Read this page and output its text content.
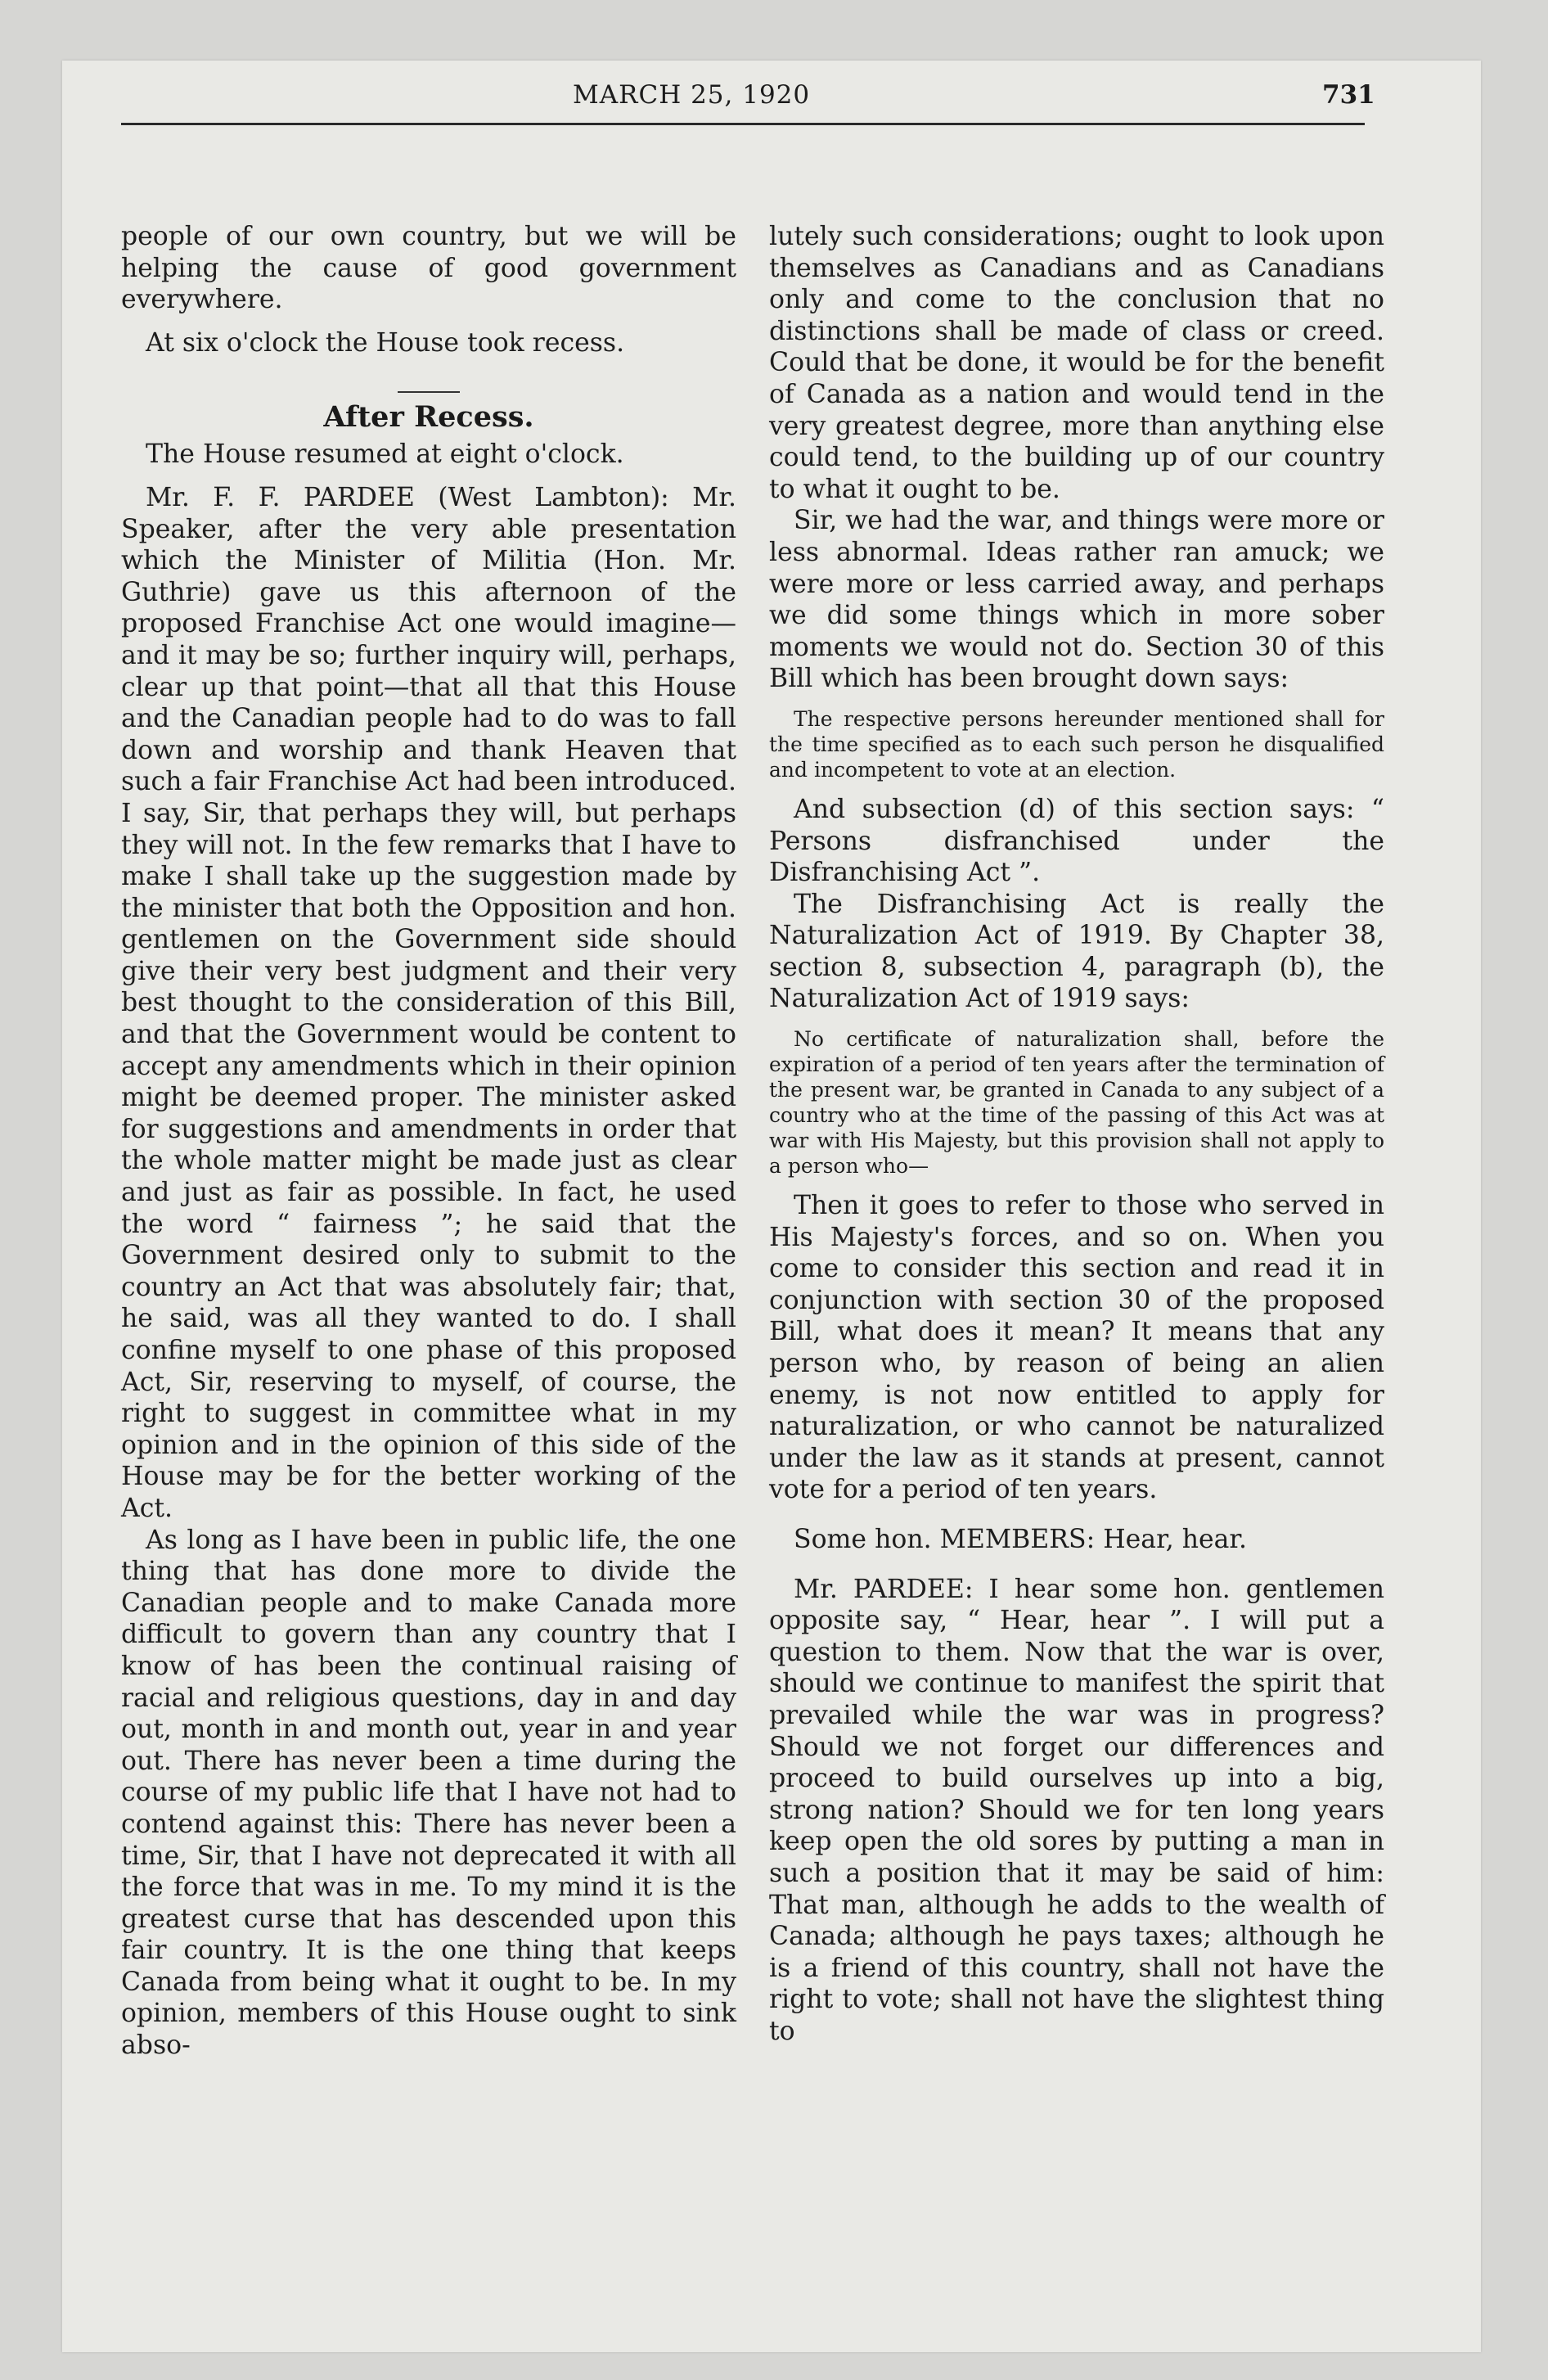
MARCH 25, 1920	731

people of our own country, but we will be helping the cause of good government everywhere.

At six o'clock the House took recess.

After Recess.

The House resumed at eight o'clock.

Mr. F. F. PARDEE (West Lambton): Mr. Speaker, after the very able presentation which the Minister of Militia (Hon. Mr. Guthrie) gave us this afternoon of the proposed Franchise Act one would imagine—and it may be so; further inquiry will, perhaps, clear up that point—that all that this House and the Canadian people had to do was to fall down and worship and thank Heaven that such a fair Franchise Act had been introduced. I say, Sir, that perhaps they will, but perhaps they will not. In the few remarks that I have to make I shall take up the suggestion made by the minister that both the Opposition and hon. gentlemen on the Government side should give their very best judgment and their very best thought to the consideration of this Bill, and that the Government would be content to accept any amendments which in their opinion might be deemed proper. The minister asked for suggestions and amendments in order that the whole matter might be made just as clear and just as fair as possible. In fact, he used the word “ fairness ”; he said that the Government desired only to submit to the country an Act that was absolutely fair; that, he said, was all they wanted to do. I shall confine myself to one phase of this proposed Act, Sir, reserving to myself, of course, the right to suggest in committee what in my opinion and in the opinion of this side of the House may be for the better working of the Act.

As long as I have been in public life, the one thing that has done more to divide the Canadian people and to make Canada more difficult to govern than any country that I know of has been the continual raising of racial and religious questions, day in and day out, month in and month out, year in and year out. There has never been a time during the course of my public life that I have not had to contend against this: There has never been a time, Sir, that I have not deprecated it with all the force that was in me. To my mind it is the greatest curse that has descended upon this fair country. It is the one thing that keeps Canada from being what it ought to be. In my opinion, members of this House ought to sink abso-

lutely such considerations; ought to look upon themselves as Canadians and as Canadians only and come to the conclusion that no distinctions shall be made of class or creed. Could that be done, it would be for the benefit of Canada as a nation and would tend in the very greatest degree, more than anything else could tend, to the building up of our country to what it ought to be.

Sir, we had the war, and things were more or less abnormal. Ideas rather ran amuck; we were more or less carried away, and perhaps we did some things which in more sober moments we would not do. Section 30 of this Bill which has been brought down says:

The respective persons hereunder mentioned shall for the time specified as to each such person he disqualified and incompetent to vote at an election.

And subsection (d) of this section says: “ Persons disfranchised under the Disfranchising Act ”.

The Disfranchising Act is really the Naturalization Act of 1919. By Chapter 38, section 8, subsection 4, paragraph (b), the Naturalization Act of 1919 says:

No certificate of naturalization shall, before the expiration of a period of ten years after the termination of the present war, be granted in Canada to any subject of a country who at the time of the passing of this Act was at war with His Majesty, but this provision shall not apply to a person who—

Then it goes to refer to those who served in His Majesty's forces, and so on. When you come to consider this section and read it in conjunction with section 30 of the proposed Bill, what does it mean? It means that any person who, by reason of being an alien enemy, is not now entitled to apply for naturalization, or who cannot be naturalized under the law as it stands at present, cannot vote for a period of ten years.

Some hon. MEMBERS: Hear, hear.

Mr. PARDEE: I hear some hon. gentlemen opposite say, “ Hear, hear ”. I will put a question to them. Now that the war is over, should we continue to manifest the spirit that prevailed while the war was in progress? Should we not forget our differences and proceed to build ourselves up into a big, strong nation? Should we for ten long years keep open the old sores by putting a man in such a position that it may be said of him: That man, although he adds to the wealth of Canada; although he pays taxes; although he is a friend of this country, shall not have the right to vote; shall not have the slightest thing to
